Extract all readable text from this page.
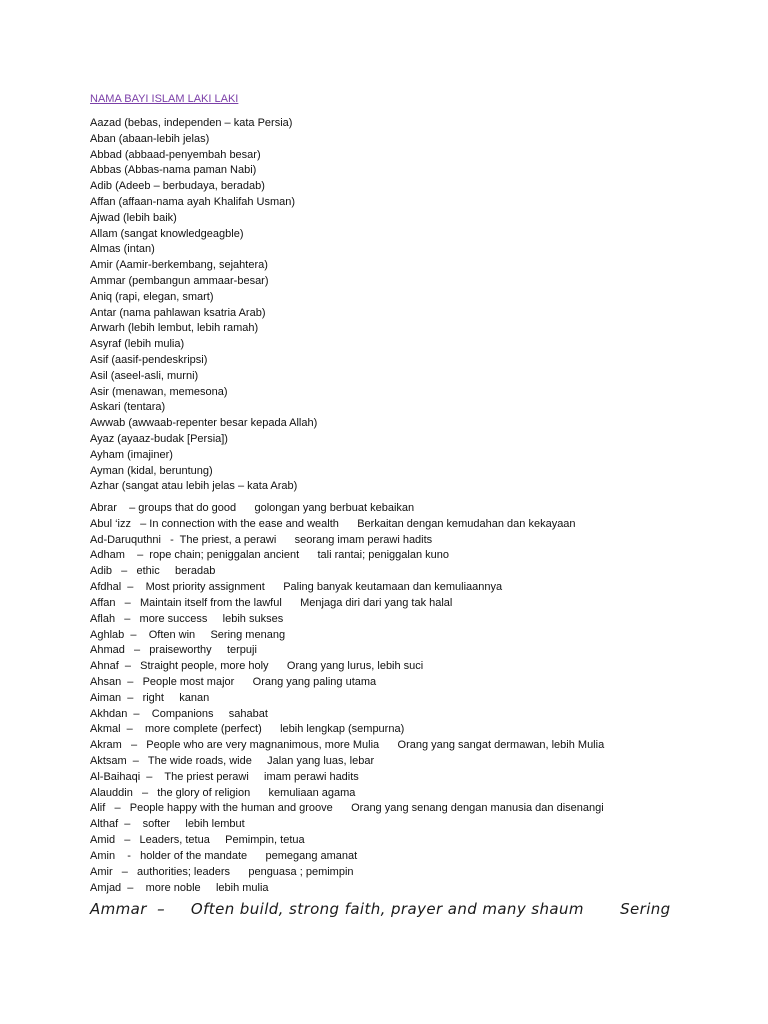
NAMA BAYI ISLAM LAKI LAKI
Aazad (bebas, independen – kata Persia)
Aban (abaan-lebih jelas)
Abbad (abbaad-penyembah besar)
Abbas (Abbas-nama paman Nabi)
Adib (Adeeb – berbudaya, beradab)
Affan (affaan-nama ayah Khalifah Usman)
Ajwad (lebih baik)
Allam (sangat knowledgeagble)
Almas (intan)
Amir (Aamir-berkembang, sejahtera)
Ammar (pembangun ammaar-besar)
Aniq (rapi, elegan, smart)
Antar (nama pahlawan ksatria Arab)
Arwarh (lebih lembut, lebih ramah)
Asyraf (lebih mulia)
Asif (aasif-pendeskripsi)
Asil (aseel-asli, murni)
Asir (menawan, memesona)
Askari (tentara)
Awwab (awwaab-repenter besar kepada Allah)
Ayaz (ayaaz-budak [Persia])
Ayham (imajiner)
Ayman (kidal, beruntung)
Azhar (sangat atau lebih jelas – kata Arab)
Abrar    – groups that do good      golongan yang berbuat kebaikan
Abul ‘izz   – In connection with the ease and wealth      Berkaitan dengan kemudahan dan kekayaan
Ad-Daruquthni   -  The priest, a perawi      seorang imam perawi hadits
Adham    –  rope chain; peniggalan ancient      tali rantai; peniggalan kuno
Adib   –   ethic     beradab
Afdhal  –    Most priority assignment      Paling banyak keutamaan dan kemuliaannya
Affan   –   Maintain itself from the lawful      Menjaga diri dari yang tak halal
Aflah   –   more success     lebih sukses
Aghlab  –    Often win     Sering menang
Ahmad   –   praiseworthy     terpuji
Ahnaf  –   Straight people, more holy      Orang yang lurus, lebih suci
Ahsan  –   People most major      Orang yang paling utama
Aiman  –   right     kanan
Akhdan  –    Companions     sahabat
Akmal  –    more complete (perfect)      lebih lengkap (sempurna)
Akram   –   People who are very magnanimous, more Mulia      Orang yang sangat dermawan, lebih Mulia
Aktsam  –   The wide roads, wide     Jalan yang luas, lebar
Al-Baihaqi  –    The priest perawi     imam perawi hadits
Alauddin   –   the glory of religion      kemuliaan agama
Alif   –   People happy with the human and groove      Orang yang senang dengan manusia dan disenangi
Althaf  –    softer     lebih lembut
Amid   –   Leaders, tetua     Pemimpin, tetua
Amin    -   holder of the mandate      pemegang amanat
Amir   –   authorities; leaders      penguasa ; pemimpin
Amjad  –    more noble     lebih mulia
Ammar  –     Often build, strong faith, prayer and many shaum       Sering
